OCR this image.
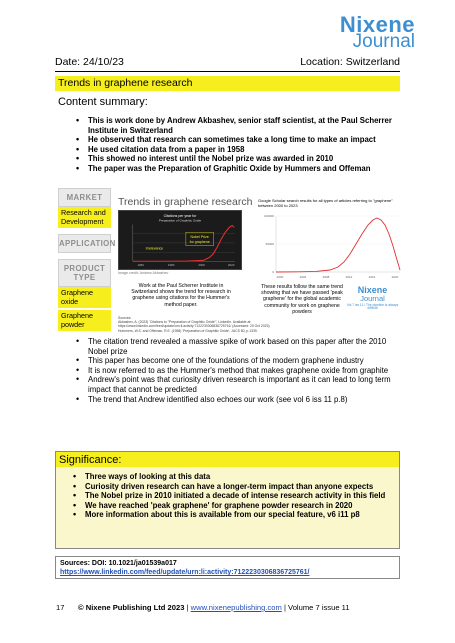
Nixene
Journal
Date: 24/10/23	Location: Switzerland
Trends in graphene research
Content summary:
• This is work done by Andrew Akbashev, senior staff scientist, at the Paul Scherrer Institute in Switzerland
• He observed that research can sometimes take a long time to make an impact
• He used citation data from a paper in 1958
• This showed no interest until the Nobel prize was awarded in 2010
• The paper was the Preparation of Graphitic Oxide by Hummers and Offeman
MARKET
Research and Development
APPLICATION
PRODUCT TYPE
Graphene oxide
Graphene powder
Trends in graphene research
Citations per year for
Preparation of Graphitic Oxide
Irrelevance
Nobel Prize
for graphene
1960	1980	2000	2020
Image credit: Andrew Akbashev
Work at the Paul Scherrer Institute in Switzerland shows the trend for research in graphene using citations for the Hummer's method paper.
Google Scholar search results for all types of articles referring to "graphene" between 2000 to 2023
0
50000
100000
2000	2004	2008	2012	2016	2020
These results follow the same trend showing that we have passed 'peak graphene' for the global academic community for work on graphene powders
Nixene
Journal
Vol 7 iss 11 / The pipeline is always difficult
Sources:
Akbashev, A. (2023) 'Citations to "Preparation of Graphitic Oxide"', LinkedIn. Available at:
https://www.linkedin.com/feed/update/urn:li:activity:7122230306836725761/ (Accessed: 20 Oct 2023).
Hummers, W.S. and Offeman, R.E. (1958) 'Preparation of Graphitic Oxide', JACS 80, p.1339.
• The citation trend revealed a massive spike of work based on this paper after the 2010 Nobel prize
• This paper has become one of the foundations of the modern graphene industry
• It is now referred to as the Hummer's method that makes graphene oxide from graphite
• Andrew's point was that curiosity driven research is important as it can lead to long term impact that cannot be predicted
• The trend that Andrew identified also echoes our work (see vol 6 iss 11 p.8)
Significance:
• Three ways of looking at this data
• Curiosity driven research can have a longer-term impact than anyone expects
• The Nobel prize in 2010 initiated a decade of intense research activity in this field
• We have reached 'peak graphene' for graphene powder research in 2020
• More information about this is available from our special feature, v6 i11 p8
Sources: DOI: 10.1021/ja01539a017
https://www.linkedin.com/feed/update/urn:li:activity:7122230306836725761/
17	© Nixene Publishing Ltd 2023 | www.nixenepublishing.com | Volume 7 issue 11
